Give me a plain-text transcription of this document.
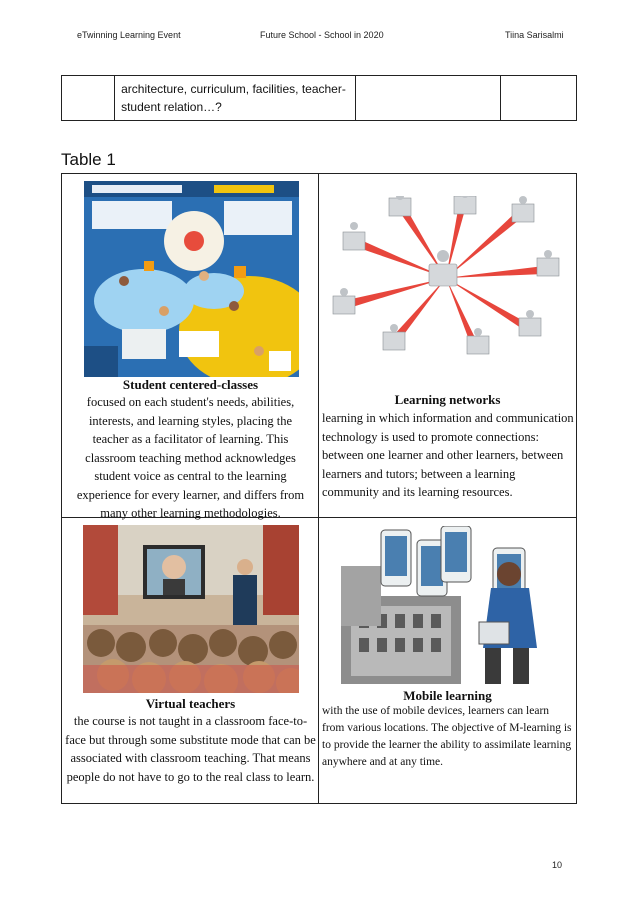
eTwinning Learning Event	Future School - School in 2020	Tiina Sarisalmi
	architecture, curriculum, facilities, teacher-student relation…?		
Table 1
Student centered-classes
focused on each student's needs, abilities, interests, and learning styles, placing the teacher as a facilitator of learning. This classroom teaching method acknowledges student voice as central to the learning experience for every learner, and differs from many other learning methodologies.
Learning networks
learning in which information and communication technology is used to promote connections: between one learner and other learners, between learners and tutors; between a learning community and its learning resources.
Virtual teachers
the course is not taught in a classroom face-to-face but through some substitute mode that can be associated with classroom teaching. That means people do not have to go to the real class to learn.
Mobile learning
with the use of mobile devices, learners can learn from various locations. The objective of M-learning is to provide the learner the ability to assimilate learning anywhere and at any time.
10
